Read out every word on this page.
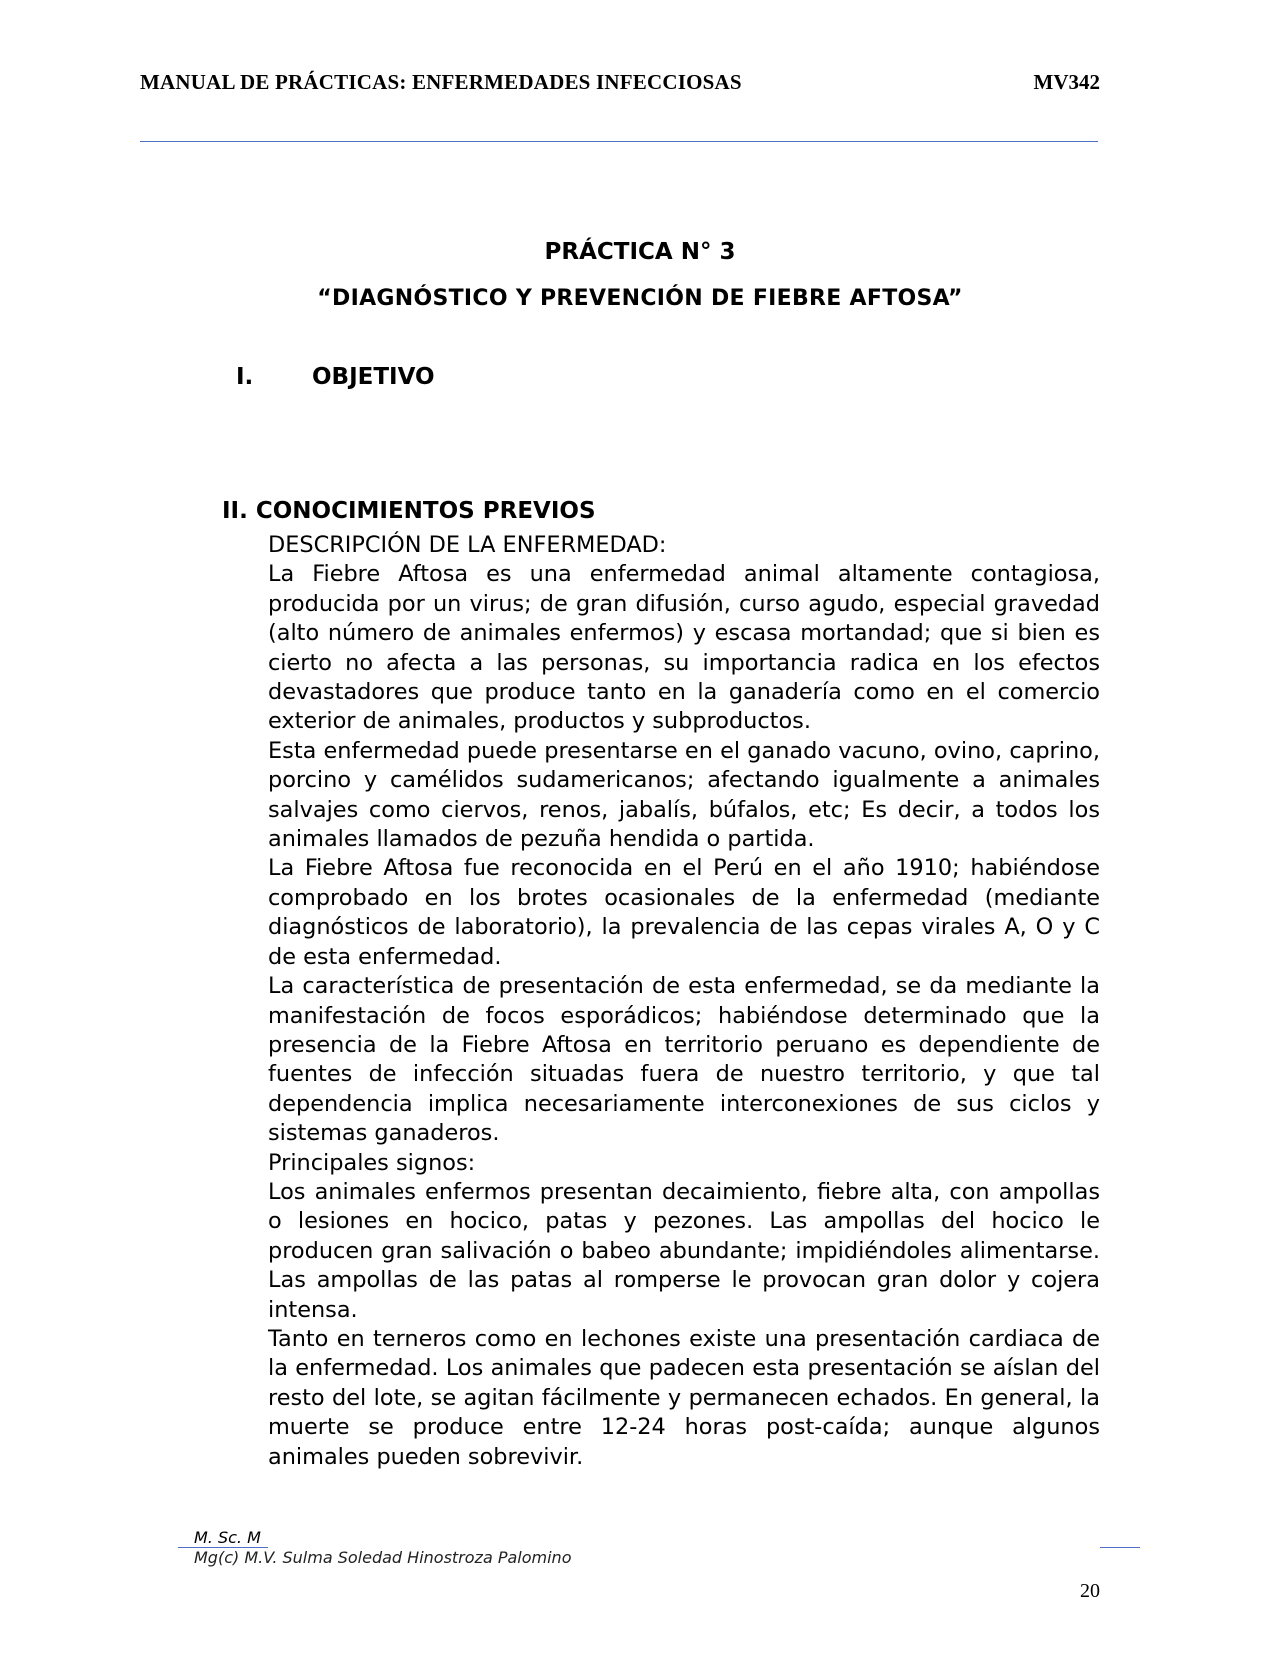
MANUAL DE PRÁCTICAS: ENFERMEDADES INFECCIOSAS	MV342
PRÁCTICA N° 3
“DIAGNÓSTICO Y PREVENCIÓN DE FIEBRE AFTOSA”
I.	OBJETIVO
II. CONOCIMIENTOS PREVIOS

DESCRIPCIÓN DE LA ENFERMEDAD:

La Fiebre Aftosa es una enfermedad animal altamente contagiosa, producida por un virus; de gran difusión, curso agudo, especial gravedad (alto número de animales enfermos) y escasa mortandad; que si bien es cierto no afecta a las personas, su importancia radica en los efectos devastadores que produce tanto en la ganadería como en el comercio exterior de animales, productos y subproductos.

Esta enfermedad puede presentarse en el ganado vacuno, ovino, caprino, porcino y camélidos sudamericanos; afectando igualmente a animales salvajes como ciervos, renos, jabalís, búfalos, etc; Es decir, a todos los animales llamados de pezuña hendida o partida.

La Fiebre Aftosa fue reconocida en el Perú en el año 1910; habiéndose comprobado en los brotes ocasionales de la enfermedad (mediante diagnósticos de laboratorio), la prevalencia de las cepas virales A, O y C de esta enfermedad.

La característica de presentación de esta enfermedad, se da mediante la manifestación de focos esporádicos; habiéndose determinado que la presencia de la Fiebre Aftosa en territorio peruano es dependiente de fuentes de infección situadas fuera de nuestro territorio, y que tal dependencia implica necesariamente interconexiones de sus ciclos y sistemas ganaderos.

Principales signos:

Los animales enfermos presentan decaimiento, fiebre alta, con ampollas o lesiones en hocico, patas y pezones. Las ampollas del hocico le producen gran salivación o babeo abundante; impidiéndoles alimentarse. Las ampollas de las patas al romperse le provocan gran dolor y cojera intensa.

Tanto en terneros como en lechones existe una presentación cardiaca de la enfermedad. Los animales que padecen esta presentación se aíslan del resto del lote, se agitan fácilmente y permanecen echados. En general, la muerte se produce entre 12-24 horas post-caída; aunque algunos animales pueden sobrevivir.

M. Sc. M
Mg(c) M.V. Sulma Soledad Hinostroza Palomino
20
